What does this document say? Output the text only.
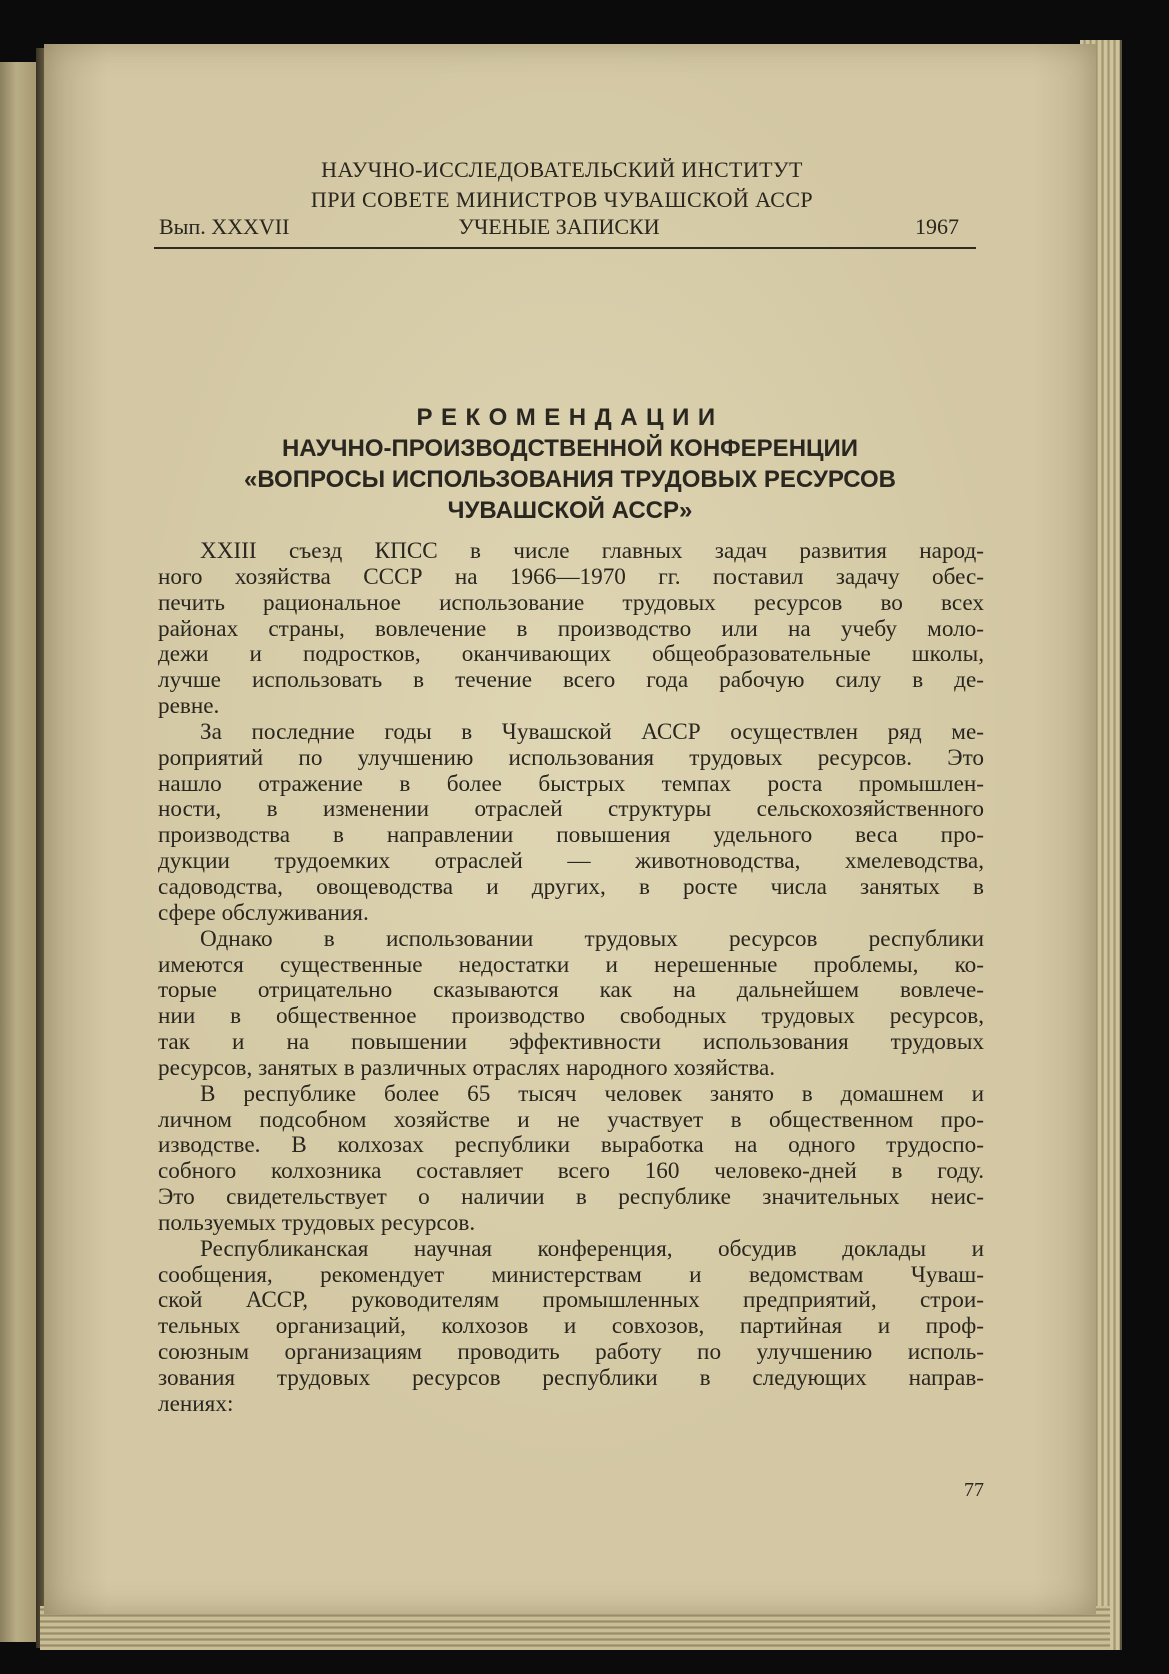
НАУЧНО-ИССЛЕДОВАТЕЛЬСКИЙ ИНСТИТУТ
ПРИ СОВЕТЕ МИНИСТРОВ ЧУВАШСКОЙ АССР
Вып. XXXVII	УЧЕНЫЕ ЗАПИСКИ	1967
РЕКОМЕНДАЦИИ
НАУЧНО-ПРОИЗВОДСТВЕННОЙ КОНФЕРЕНЦИИ
«ВОПРОСЫ ИСПОЛЬЗОВАНИЯ ТРУДОВЫХ РЕСУРСОВ
ЧУВАШСКОЙ АССР»
XXIII съезд КПСС в числе главных задач развития народ-
ного хозяйства СССР на 1966—1970 гг. поставил задачу обес-
печить рациональное использование трудовых ресурсов во всех
районах страны, вовлечение в производство или на учебу моло-
дежи и подростков, оканчивающих общеобразовательные школы,
лучше использовать в течение всего года рабочую силу в де-
ревне.
За последние годы в Чувашской АССР осуществлен ряд ме-
роприятий по улучшению использования трудовых ресурсов. Это
нашло отражение в более быстрых темпах роста промышлен-
ности, в изменении отраслей структуры сельскохозяйственного
производства в направлении повышения удельного веса про-
дукции трудоемких отраслей — животноводства, хмелеводства,
садоводства, овощеводства и других, в росте числа занятых в
сфере обслуживания.
Однако в использовании трудовых ресурсов республики
имеются существенные недостатки и нерешенные проблемы, ко-
торые отрицательно сказываются как на дальнейшем вовлече-
нии в общественное производство свободных трудовых ресурсов,
так и на повышении эффективности использования трудовых
ресурсов, занятых в различных отраслях народного хозяйства.
В республике более 65 тысяч человек занято в домашнем и
личном подсобном хозяйстве и не участвует в общественном про-
изводстве. В колхозах республики выработка на одного трудоспо-
собного колхозника составляет всего 160 человеко-дней в году.
Это свидетельствует о наличии в республике значительных неис-
пользуемых трудовых ресурсов.
Республиканская научная конференция, обсудив доклады и
сообщения, рекомендует министерствам и ведомствам Чуваш-
ской АССР, руководителям промышленных предприятий, строи-
тельных организаций, колхозов и совхозов, партийная и проф-
союзным организациям проводить работу по улучшению исполь-
зования трудовых ресурсов республики в следующих направ-
лениях:
77
